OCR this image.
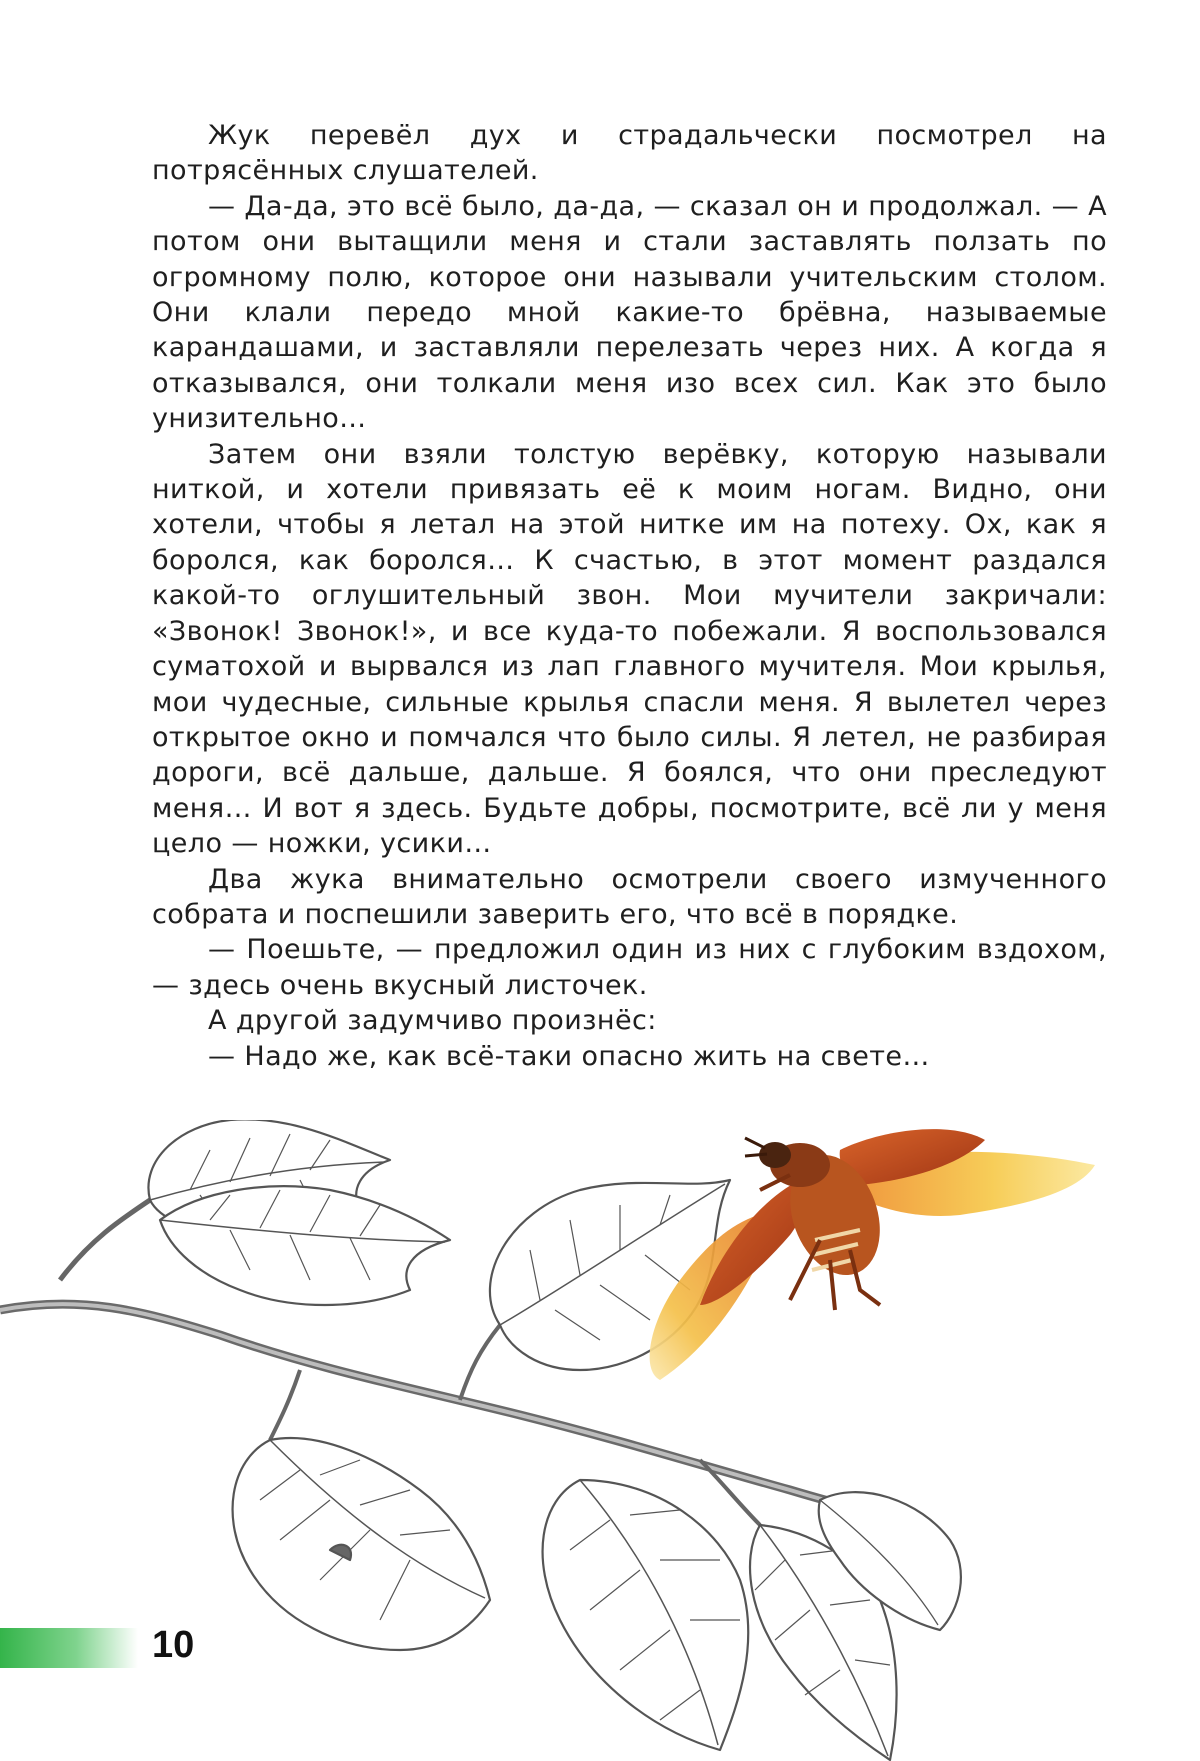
Жук перевёл дух и страдальчески посмотрел на потрясённых слушателей.

— Да-да, это всё было, да-да, — сказал он и продолжал. — А потом они вытащили меня и стали заставлять ползать по огромному полю, которое они называли учительским столом. Они клали передо мной какие-то брёвна, называемые карандашами, и заставляли перелезать через них. А когда я отказывался, они толкали меня изо всех сил. Как это было унизительно…

Затем они взяли толстую верёвку, которую называли ниткой, и хотели привязать её к моим ногам. Видно, они хотели, чтобы я летал на этой нитке им на потеху. Ох, как я боролся, как боролся… К счастью, в этот момент раздался какой-то оглушительный звон. Мои мучители закричали: «Звонок! Звонок!», и все куда-то побежали. Я воспользовался суматохой и вырвался из лап главного мучителя. Мои крылья, мои чудесные, сильные крылья спасли меня. Я вылетел через открытое окно и помчался что было силы. Я летел, не разбирая дороги, всё дальше, дальше. Я боялся, что они преследуют меня… И вот я здесь. Будьте добры, посмотрите, всё ли у меня цело — ножки, усики…

Два жука внимательно осмотрели своего измученного собрата и поспешили заверить его, что всё в порядке.

— Поешьте, — предложил один из них с глубоким вздохом, — здесь очень вкусный листочек.

А другой задумчиво произнёс:

— Надо же, как всё-таки опасно жить на свете…

10
